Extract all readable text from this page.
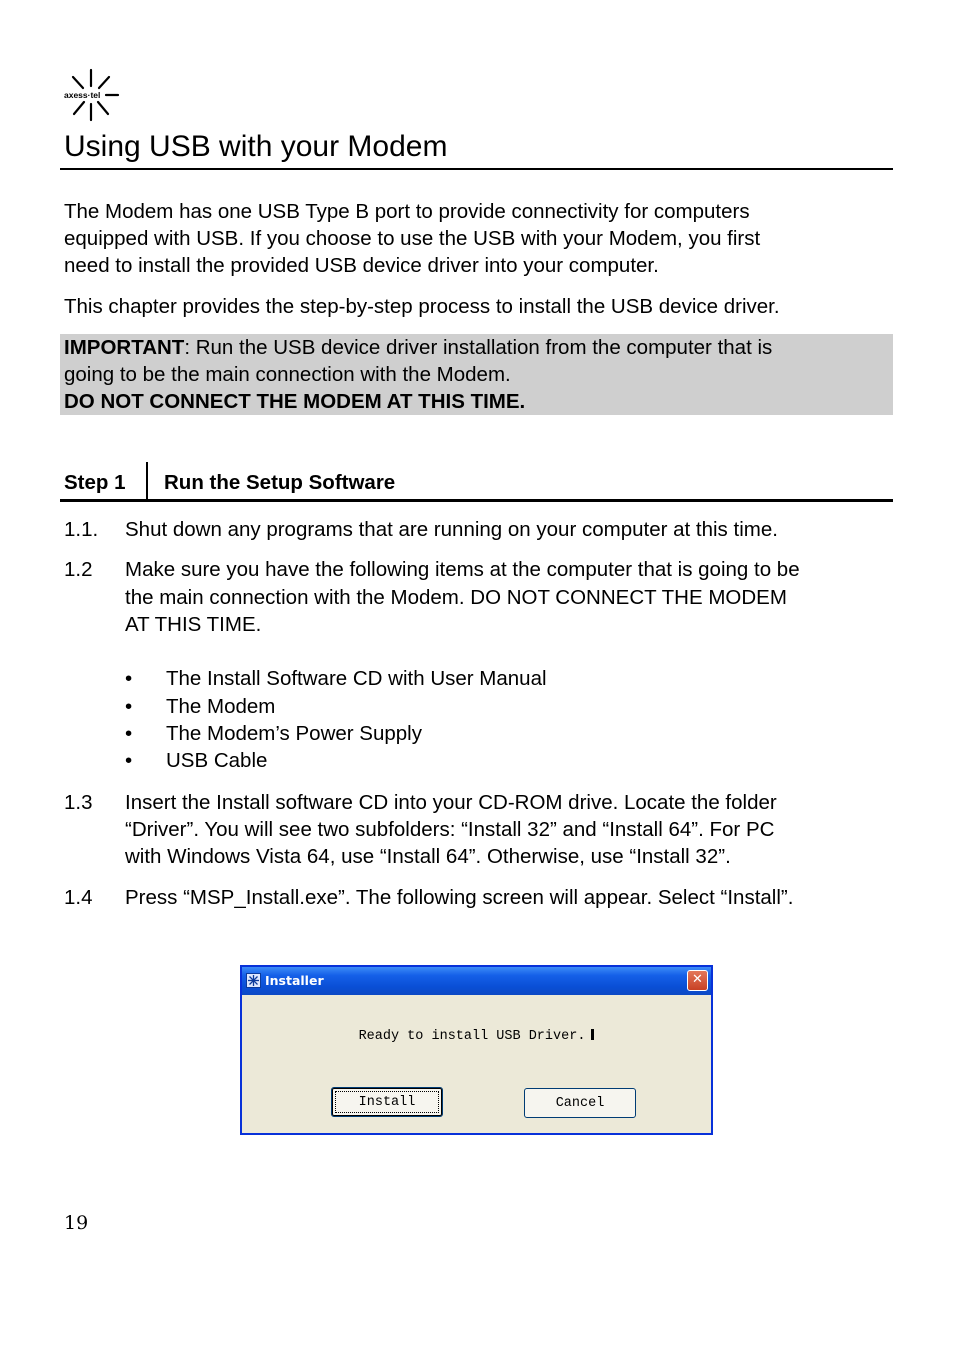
axess·tel
Using USB with your Modem
The Modem has one USB Type B port to provide connectivity for computers
equipped with USB. If you choose to use the USB with your Modem, you first
need to install the provided USB device driver into your computer.
This chapter provides the step-by-step process to install the USB device driver.
IMPORTANT: Run the USB device driver installation from the computer that is
going to be the main connection with the Modem.
DO NOT CONNECT THE MODEM AT THIS TIME.
Step 1 Run the Setup Software
1.1. Shut down any programs that are running on your computer at this time.
1.2 Make sure you have the following items at the computer that is going to be
the main connection with the Modem. DO NOT CONNECT THE MODEM
AT THIS TIME.
• The Install Software CD with User Manual
• The Modem
• The Modem’s Power Supply
• USB Cable
1.3 Insert the Install software CD into your CD-ROM drive. Locate the folder
“Driver”. You will see two subfolders: “Install 32” and “Install 64”. For PC
with Windows Vista 64, use “Install 64”. Otherwise, use “Install 32”.
1.4 Press “MSP_Install.exe”. The following screen will appear. Select “Install”.
Installer	✕
Ready to install USB Driver.
Install	Cancel
19
